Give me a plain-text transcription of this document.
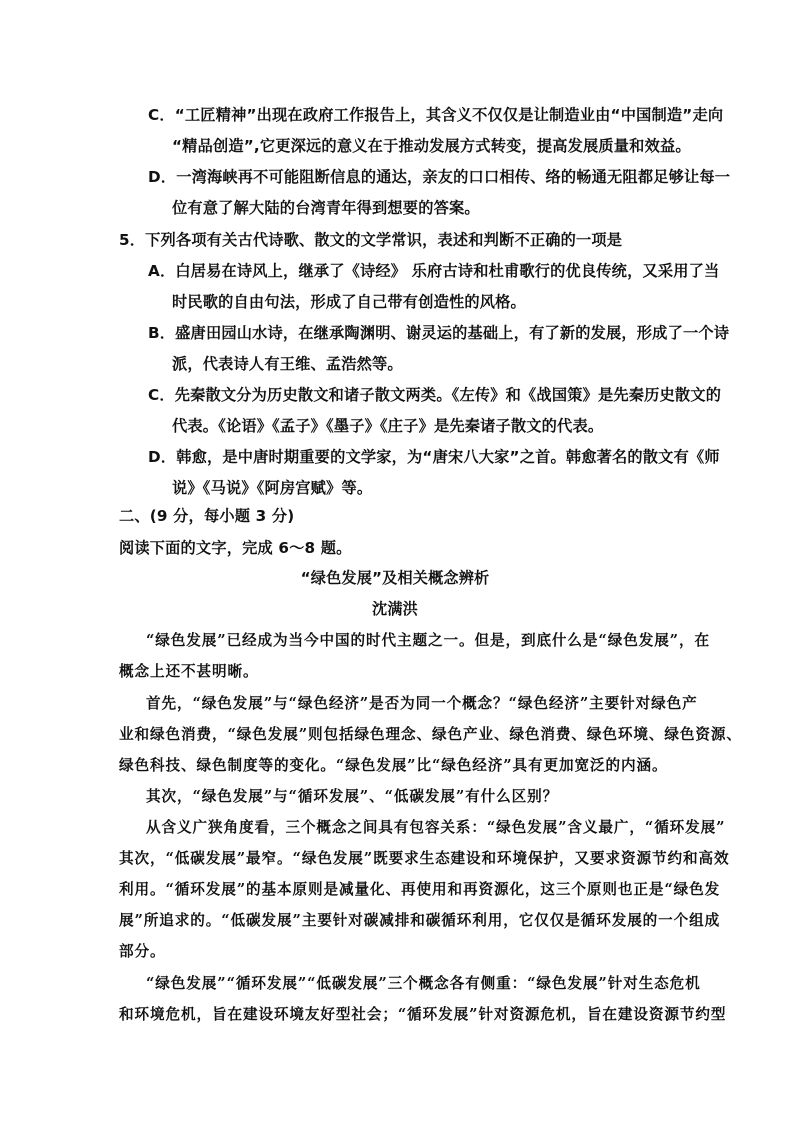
C．“工匠精神”出现在政府工作报告上，其含义不仅仅是让制造业由“中国制造”走向
“精品创造”,它更深远的意义在于推动发展方式转变，提高发展质量和效益。
D．一湾海峡再不可能阻断信息的通达，亲友的口口相传、络的畅通无阻都足够让每一
位有意了解大陆的台湾青年得到想要的答案。
5．下列各项有关古代诗歌、散文的文学常识，表述和判断不正确的一项是
A．白居易在诗风上，继承了《诗经》 乐府古诗和杜甫歌行的优良传统，又采用了当
时民歌的自由句法，形成了自己带有创造性的风格。
B．盛唐田园山水诗，在继承陶渊明、谢灵运的基础上，有了新的发展，形成了一个诗
派，代表诗人有王维、孟浩然等。
C．先秦散文分为历史散文和诸子散文两类。《左传》和《战国策》是先秦历史散文的
代表。《论语》《孟子》《墨子》《庄子》是先秦诸子散文的代表。
D．韩愈，是中唐时期重要的文学家，为“唐宋八大家”之首。韩愈著名的散文有《师
说》《马说》《阿房宫赋》等。
二、(9 分，每小题 3 分)
阅读下面的文字，完成 6～8 题。
“绿色发展”及相关概念辨析
沈满洪
“绿色发展”已经成为当今中国的时代主题之一。但是，到底什么是“绿色发展”，在
概念上还不甚明晰。
首先，“绿色发展”与“绿色经济”是否为同一个概念？“绿色经济”主要针对绿色产
业和绿色消费，“绿色发展”则包括绿色理念、绿色产业、绿色消费、绿色环境、绿色资源、
绿色科技、绿色制度等的变化。“绿色发展”比“绿色经济”具有更加宽泛的内涵。
其次，“绿色发展”与“循环发展”、“低碳发展”有什么区别？
从含义广狭角度看，三个概念之间具有包容关系：“绿色发展”含义最广，“循环发展”
其次，“低碳发展”最窄。“绿色发展”既要求生态建设和环境保护，又要求资源节约和高效
利用。“循环发展”的基本原则是减量化、再使用和再资源化，这三个原则也正是“绿色发
展”所追求的。“低碳发展”主要针对碳减排和碳循环利用，它仅仅是循环发展的一个组成
部分。
“绿色发展”“循环发展”“低碳发展”三个概念各有侧重：“绿色发展”针对生态危机
和环境危机，旨在建设环境友好型社会；“循环发展”针对资源危机，旨在建设资源节约型
